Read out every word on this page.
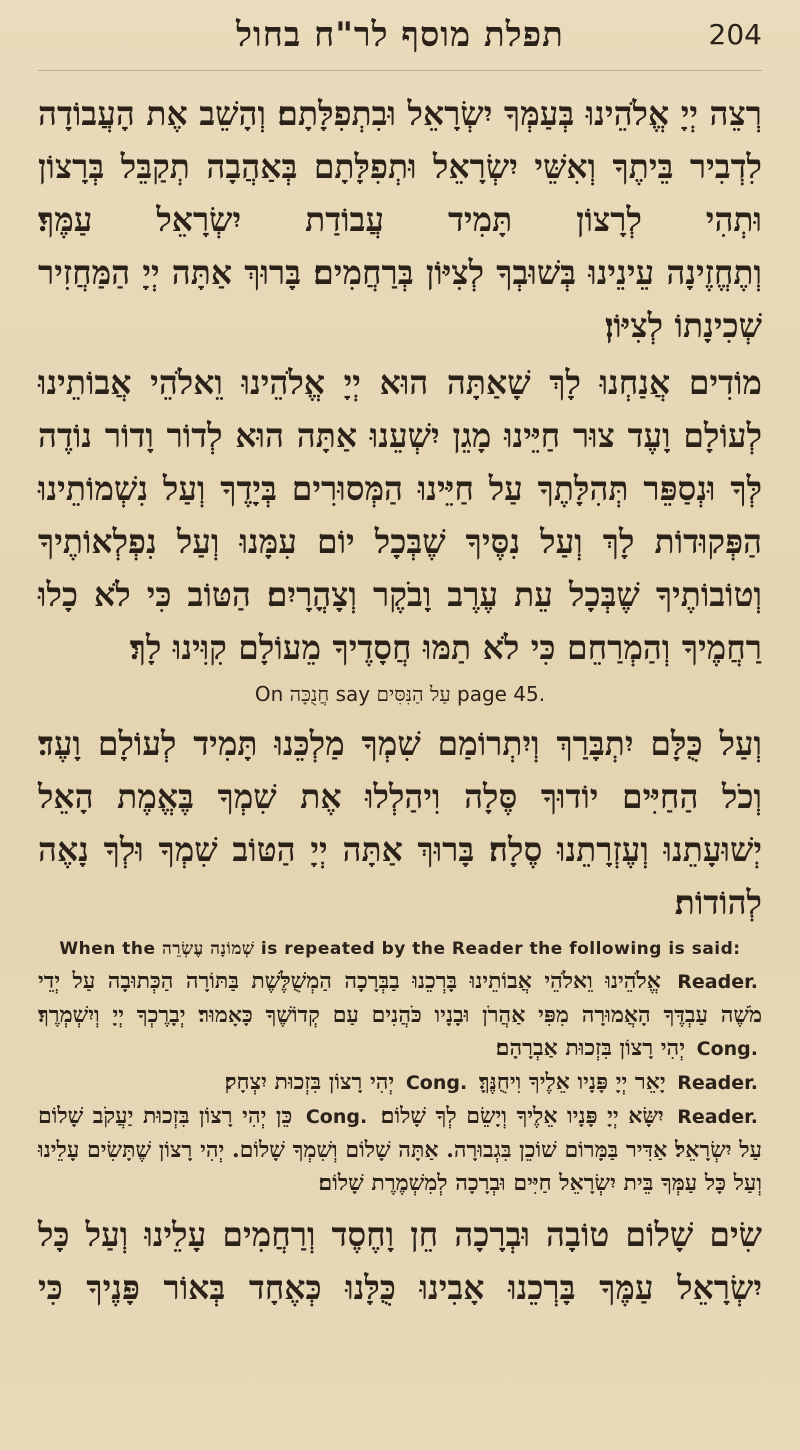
204
תפלת מוסף לר"ח בחול

רְצֵה יְיָ אֱלֹהֵינוּ בְּעַמְּךָ יִשְׂרָאֵל וּבִתְפִלָּתָם׃ וְהָשֵׁב אֶת הָעֲבוֹדָה לִדְבִיר בֵּיתֶךָ וְאִשֵּׁי יִשְׂרָאֵל וּתְפִלָּתָם בְּאַהֲבָה תְקַבֵּל בְּרָצוֹן וּתְהִי לְרָצוֹן תָּמִיד עֲבוֹדַת יִשְׂרָאֵל עַמֶּךָ׃

וְתֶחֱזֶינָה עֵינֵינוּ בְּשׁוּבְךָ לְצִיּוֹן בְּרַחֲמִים׃ בָּרוּךְ אַתָּה יְיָ הַמַּחֲזִיר שְׁכִינָתוֹ לְצִיּוֹן׃

מוֹדִים אֲנַחְנוּ לָךְ שָׁאַתָּה הוּא יְיָ אֱלֹהֵינוּ וֵאלֹהֵי אֲבוֹתֵינוּ לְעוֹלָם וָעֶד צוּר חַיֵּינוּ מָגֵן יִשְׁעֵנוּ אַתָּה הוּא לְדוֹר וָדוֹר נוֹדֶה לְּךָ וּנְסַפֵּר תְּהִלָּתֶךָ עַל חַיֵּינוּ הַמְּסוּרִים בְּיָדֶךָ וְעַל נִשְׁמוֹתֵינוּ הַפְּקוּדוֹת לָךְ וְעַל נִסֶּיךָ שֶׁבְּכָל יוֹם עִמָּנוּ וְעַל נִפְלְאוֹתֶיךָ וְטוֹבוֹתֶיךָ שֶׁבְּכָל עֵת עֶרֶב וָבֹקֶר וְצָהֳרָיִם׃ הַטּוֹב כִּי לֹא כָלוּ רַחֲמֶיךָ וְהַמְרַחֵם כִּי לֹא תַמּוּ חֲסָדֶיךָ מֵעוֹלָם קִוִּינוּ לָךְ׃

On חֲנֻכָּה say עַל הַנִּסִּים page 45.

וְעַל כֻּלָּם יִתְבָּרַךְ וְיִתְרוֹמַם שִׁמְךָ מַלְכֵּנוּ תָּמִיד לְעוֹלָם וָעֶד׃ וְכֹל הַחַיִּים יוֹדוּךָ סֶּלָה וִיהַלְלוּ אֶת שִׁמְךָ בֶּאֱמֶת הָאֵל יְשׁוּעָתֵנוּ וְעֶזְרָתֵנוּ סֶלָה׃ בָּרוּךְ אַתָּה יְיָ הַטּוֹב שִׁמְךָ וּלְךָ נָאֶה לְהוֹדוֹת׃

When the שְׁמוֹנָה עֶשְׂרֵה is repeated by the Reader the following is said:
Reader. אֱלֹהֵינוּ וֵאלֹהֵי אֲבוֹתֵינוּ בָּרְכֵנוּ בַבְּרָכָה הַמְשֻׁלֶּשֶׁת בַּתּוֹרָה הַכְּתוּבָה עַל יְדֵי מֹשֶׁה עַבְדֶּךָ הָאֲמוּרָה מִפִּי אַהֲרֹן וּבָנָיו כֹּהֲנִים עַם קְדוֹשֶׁךָ כָּאָמוּר׃ יְבָרֶכְךָ יְיָ וְיִשְׁמְרֶךָ׃ Cong. יְהִי רָצוֹן בִּזְכוּת אַבְרָהָם׃
Reader. יָאֵר יְיָ פָּנָיו אֵלֶיךָ וִיחֻנֶּךָּ׃ Cong. יְהִי רָצוֹן בִּזְכוּת יִצְחָק׃
Reader. יִשָּׂא יְיָ פָּנָיו אֵלֶיךָ וְיָשֵׂם לְךָ שָׁלוֹם׃ Cong. כֵּן יְהִי רָצוֹן בִּזְכוּת יַעֲקֹב שָׁלוֹם עַל יִשְׂרָאֵל׃ אַדִּיר בַּמָּרוֹם שׁוֹכֵן בִּגְבוּרָה. אַתָּה שָׁלוֹם וְשִׁמְךָ שָׁלוֹם. יְהִי רָצוֹן שֶׁתָּשִׂים עָלֵינוּ וְעַל כָּל עַמְּךָ בֵּית יִשְׂרָאֵל חַיִּים וּבְרָכָה לְמִשְׁמֶרֶת שָׁלוֹם׃

שִׂים שָׁלוֹם טוֹבָה וּבְרָכָה חֵן וָחֶסֶד וְרַחֲמִים עָלֵינוּ וְעַל כָּל יִשְׂרָאֵל עַמֶּךָ בָּרְכֵנוּ אָבִינוּ כֻּלָּנוּ כְּאֶחָד בְּאוֹר פָּנֶיךָ כִּי
